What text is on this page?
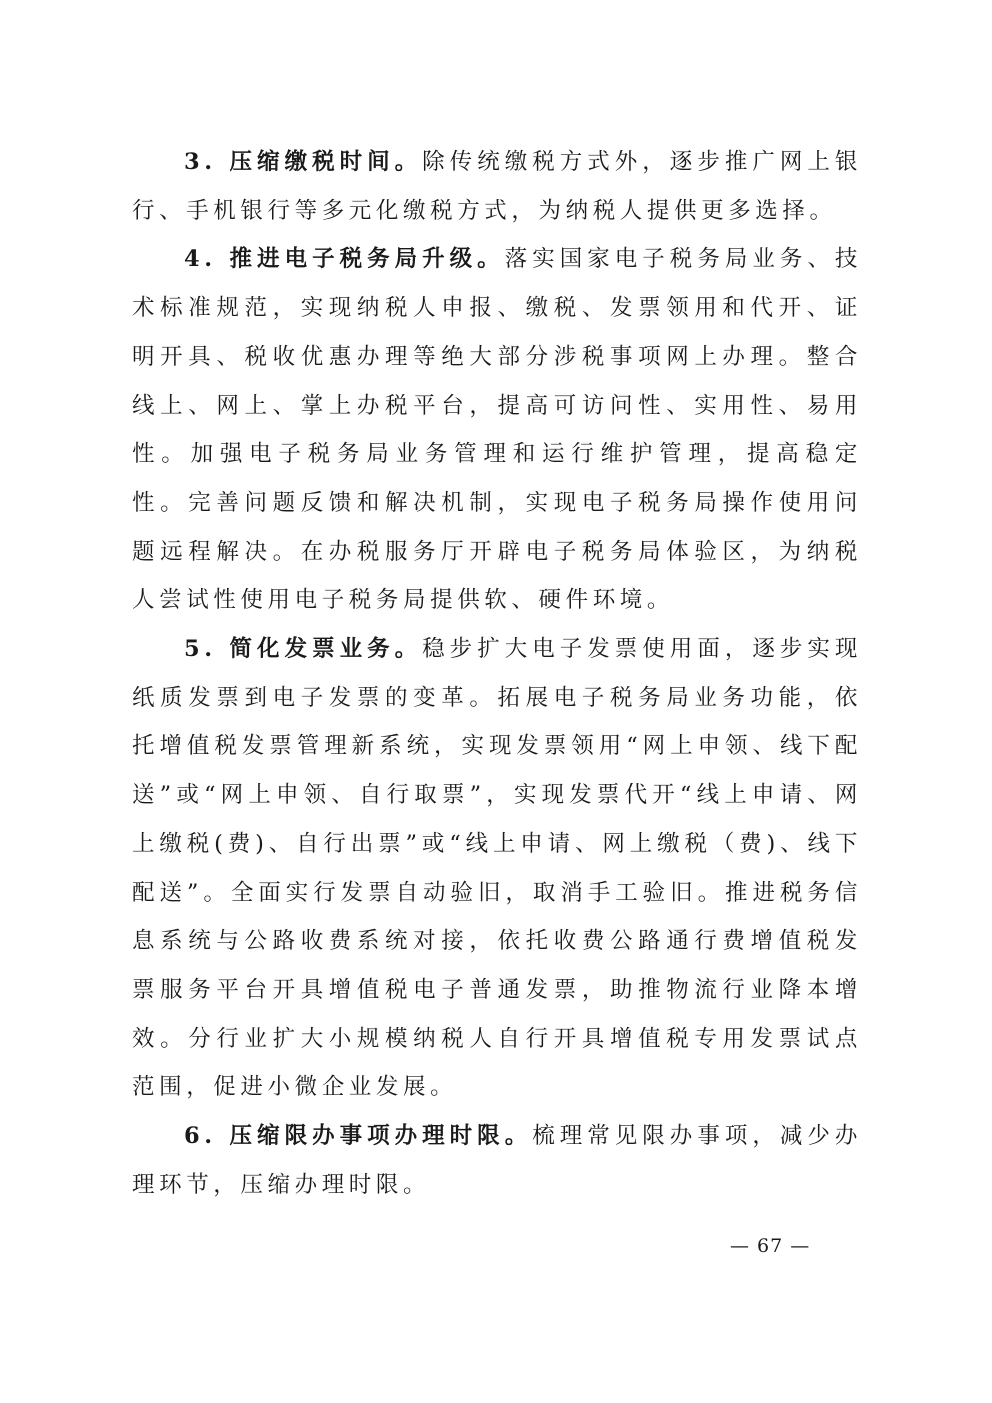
3. 压缩缴税时间。除传统缴税方式外，逐步推广网上银行、手机银行等多元化缴税方式，为纳税人提供更多选择。

4. 推进电子税务局升级。落实国家电子税务局业务、技术标准规范，实现纳税人申报、缴税、发票领用和代开、证明开具、税收优惠办理等绝大部分涉税事项网上办理。整合线上、网上、掌上办税平台，提高可访问性、实用性、易用性。加强电子税务局业务管理和运行维护管理，提高稳定性。完善问题反馈和解决机制，实现电子税务局操作使用问题远程解决。在办税服务厅开辟电子税务局体验区，为纳税人尝试性使用电子税务局提供软、硬件环境。

5. 简化发票业务。稳步扩大电子发票使用面，逐步实现纸质发票到电子发票的变革。拓展电子税务局业务功能，依托增值税发票管理新系统，实现发票领用“网上申领、线下配送”或“网上申领、自行取票”，实现发票代开“线上申请、网上缴税(费)、自行出票”或“线上申请、网上缴税（费)、线下配送”。全面实行发票自动验旧，取消手工验旧。推进税务信息系统与公路收费系统对接，依托收费公路通行费增值税发票服务平台开具增值税电子普通发票，助推物流行业降本增效。分行业扩大小规模纳税人自行开具增值税专用发票试点范围，促进小微企业发展。

6. 压缩限办事项办理时限。梳理常见限办事项，减少办理环节，压缩办理时限。

— 67 —
